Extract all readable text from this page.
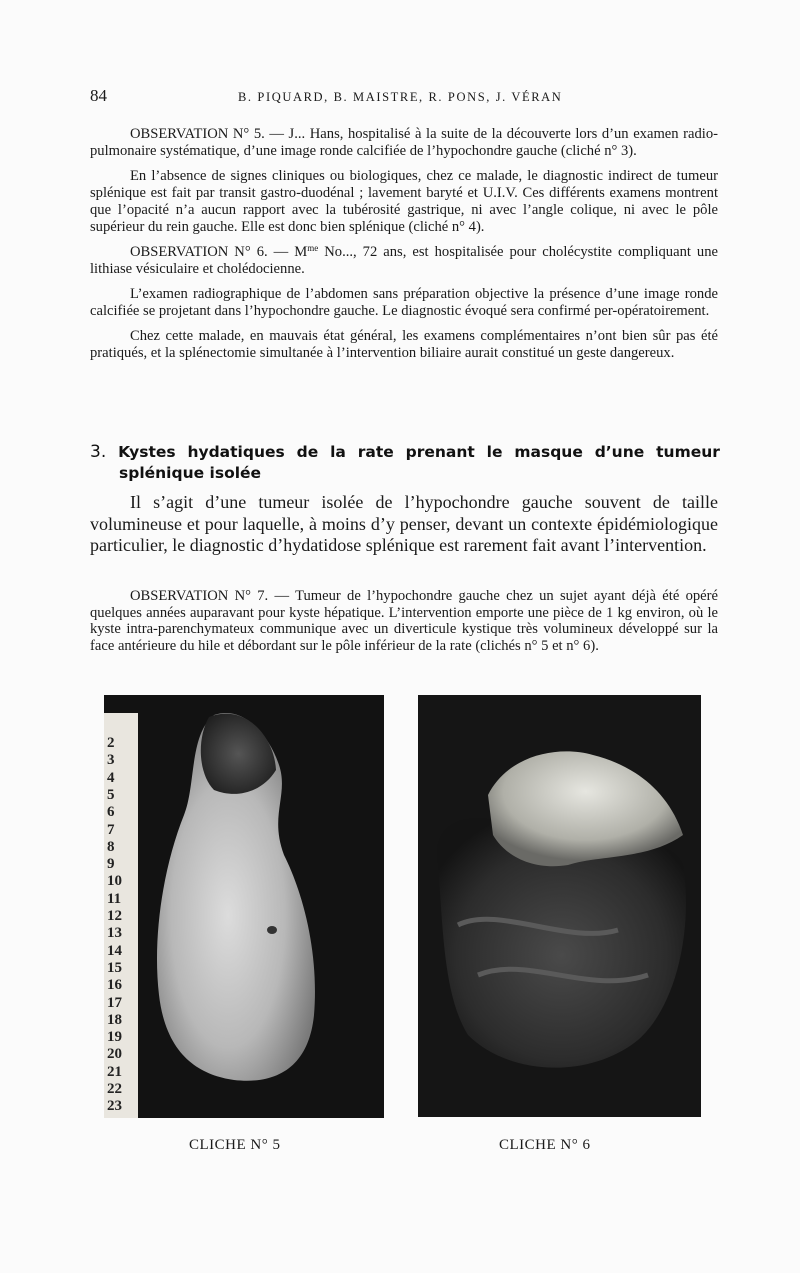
84	B. PIQUARD, B. MAISTRE, R. PONS, J. VÉRAN

OBSERVATION N° 5. — J... Hans, hospitalisé à la suite de la découverte lors d’un examen radio-pulmonaire systématique, d’une image ronde calcifiée de l’hypochondre gauche (cliché n° 3).

En l’absence de signes cliniques ou biologiques, chez ce malade, le diagnostic indirect de tumeur splénique est fait par transit gastro-duodénal ; lavement baryté et U.I.V. Ces différents examens montrent que l’opacité n’a aucun rapport avec la tubérosité gastrique, ni avec l’angle colique, ni avec le pôle supérieur du rein gauche. Elle est donc bien splénique (cliché n° 4).

OBSERVATION N° 6. — $M^{me}$ No..., 72 ans, est hospitalisée pour cholécystite compliquant une lithiase vésiculaire et cholédocienne.

L’examen radiographique de l’abdomen sans préparation objective la présence d’une image ronde calcifiée se projetant dans l’hypochondre gauche. Le diagnostic évoqué sera confirmé per-opératoirement.

Chez cette malade, en mauvais état général, les examens complémentaires n’ont bien sûr pas été pratiqués, et la splénectomie simultanée à l’intervention biliaire aurait constitué un geste dangereux.

3. Kystes hydatiques de la rate prenant le masque d’une tumeur
splénique isolée

Il s’agit d’une tumeur isolée de l’hypochondre gauche souvent de taille volumineuse et pour laquelle, à moins d’y penser, devant un contexte épidémiologique particulier, le diagnostic d’hydatidose splénique est rarement fait avant l’intervention.

OBSERVATION N° 7. — Tumeur de l’hypochondre gauche chez un sujet ayant déjà été opéré quelques années auparavant pour kyste hépatique. L’intervention emporte une pièce de 1 kg environ, où le kyste intra-parenchymateux communique avec un diverticule kystique très volumineux développé sur la face antérieure du hile et débordant sur le pôle inférieur de la rate (clichés n° 5 et n° 6).

2
3
4
5
6
7
8
9
10
11
12
13
14
15
16
17
18
19
20
21
22
23
CLICHE N° 5	CLICHE N° 6
